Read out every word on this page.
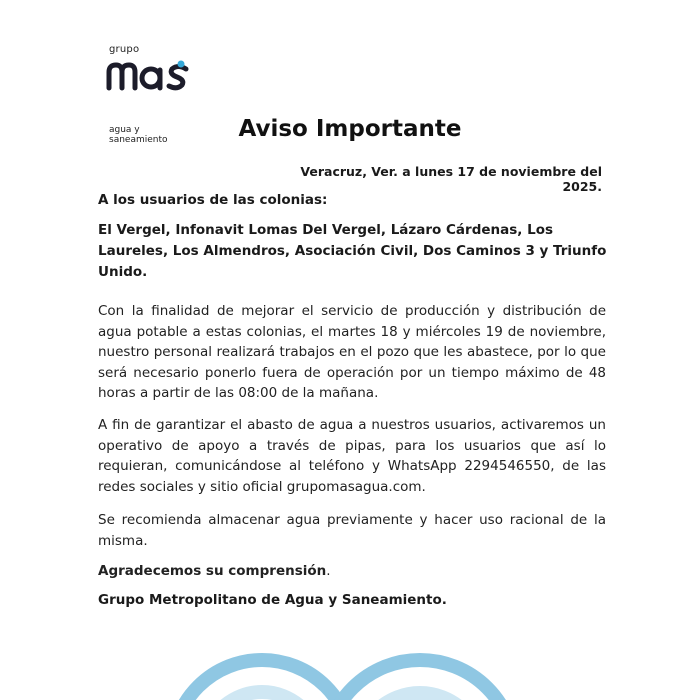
grupo
agua y
saneamiento	Aviso Importante
Veracruz, Ver. a lunes 17 de noviembre del 2025.
A los usuarios de las colonias:
El Vergel, Infonavit Lomas Del Vergel, Lázaro Cárdenas, Los Laureles, Los Almendros, Asociación Civil, Dos Caminos 3 y Triunfo Unido.
Con la finalidad de mejorar el servicio de producción y distribución de agua potable a estas colonias, el martes 18 y miércoles 19 de noviembre, nuestro personal realizará trabajos en el pozo que les abastece, por lo que será necesario ponerlo fuera de operación por un tiempo máximo de 48 horas a partir de las 08:00 de la mañana.
A fin de garantizar el abasto de agua a nuestros usuarios, activaremos un operativo de apoyo a través de pipas, para los usuarios que así lo requieran, comunicándose al teléfono y WhatsApp 2294546550, de las redes sociales y sitio oficial grupomasagua.com.
Se recomienda almacenar agua previamente y hacer uso racional de la misma.
Agradecemos su comprensión.
Grupo Metropolitano de Agua y Saneamiento.
